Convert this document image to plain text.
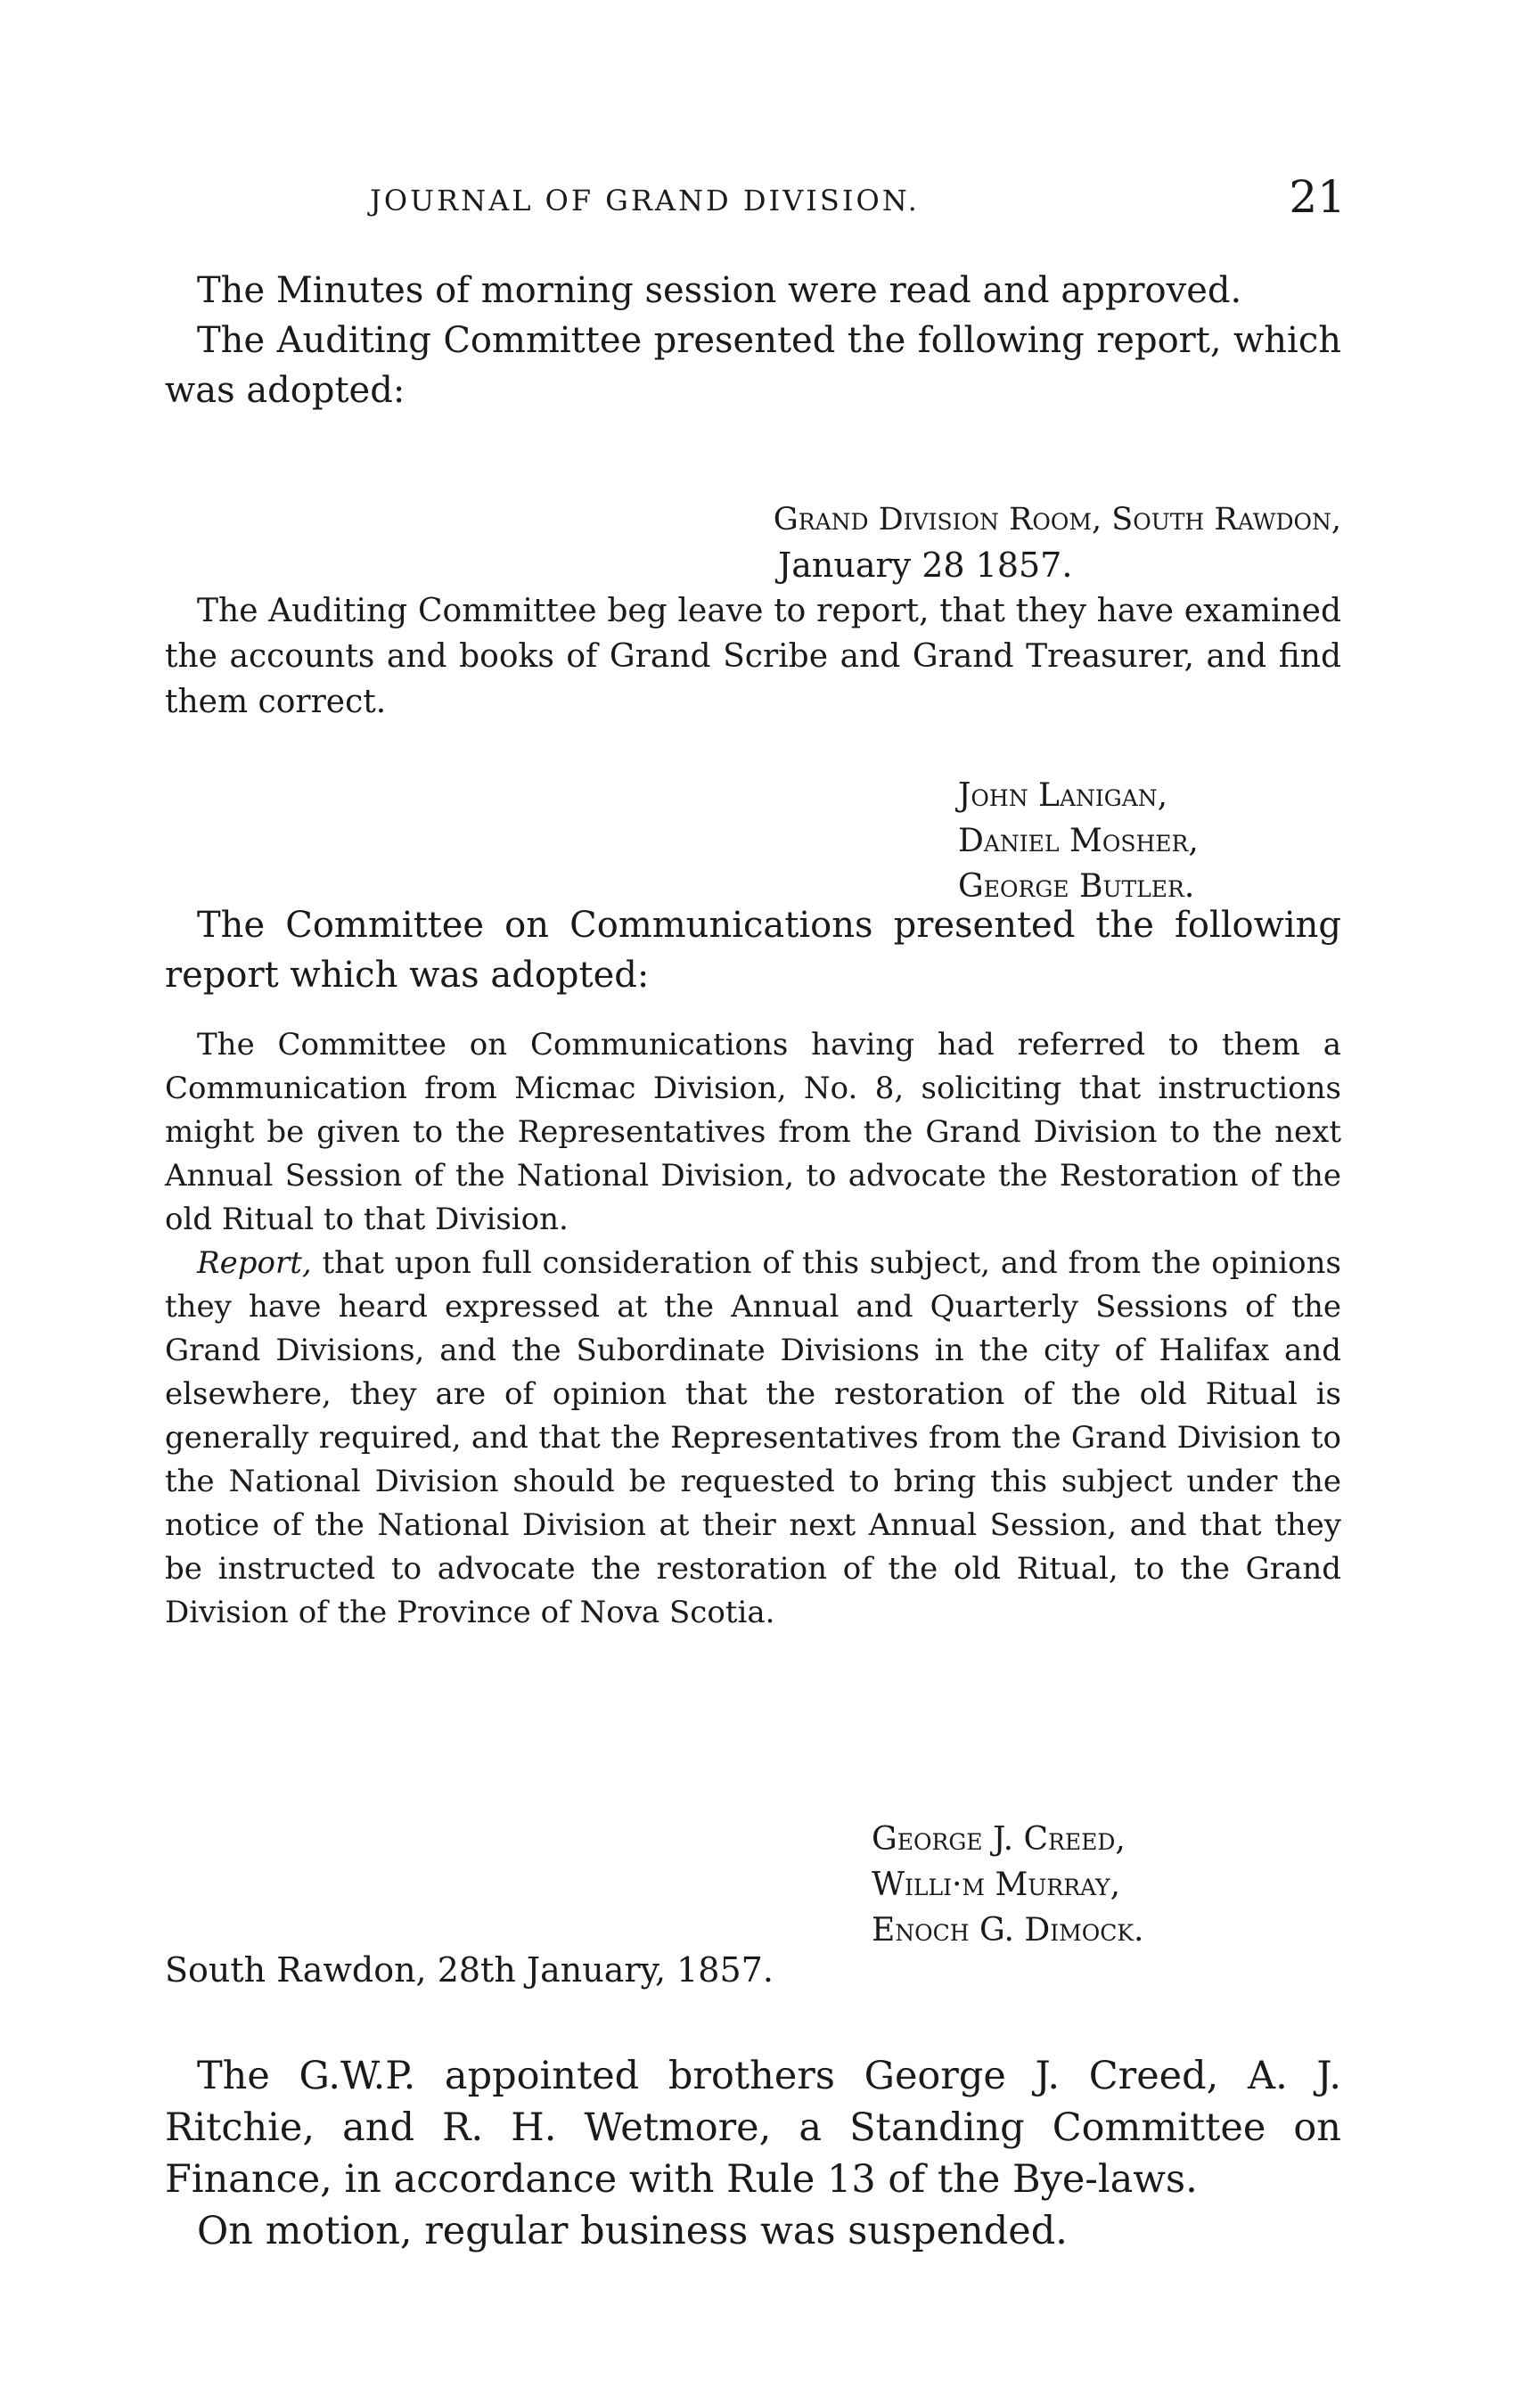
JOURNAL OF GRAND DIVISION.	21

The Minutes of morning session were read and approved.

The Auditing Committee presented the following report, which was adopted:

Grand Division Room, South Rawdon,
January 28 1857.

The Auditing Committee beg leave to report, that they have examined the accounts and books of Grand Scribe and Grand Treasurer, and find them correct.

John Lanigan,
Daniel Mosher,
George Butler.

The Committee on Communications presented the following report which was adopted:

The Committee on Communications having had referred to them a Communication from Micmac Division, No. 8, soliciting that instructions might be given to the Representatives from the Grand Division to the next Annual Session of the National Division, to advocate the Restoration of the old Ritual to that Division.

Report, that upon full consideration of this subject, and from the opinions they have heard expressed at the Annual and Quarterly Sessions of the Grand Divisions, and the Subordinate Divisions in the city of Halifax and elsewhere, they are of opinion that the restoration of the old Ritual is generally required, and that the Representatives from the Grand Division to the National Division should be requested to bring this subject under the notice of the National Division at their next Annual Session, and that they be instructed to advocate the restoration of the old Ritual, to the Grand Division of the Province of Nova Scotia.

George J. Creed,
Willi·m Murray,
Enoch G. Dimock.
South Rawdon, 28th January, 1857.

The G.W.P. appointed brothers George J. Creed, A. J. Ritchie, and R. H. Wetmore, a Standing Committee on Finance, in accordance with Rule 13 of the Bye-laws.

On motion, regular business was suspended.
